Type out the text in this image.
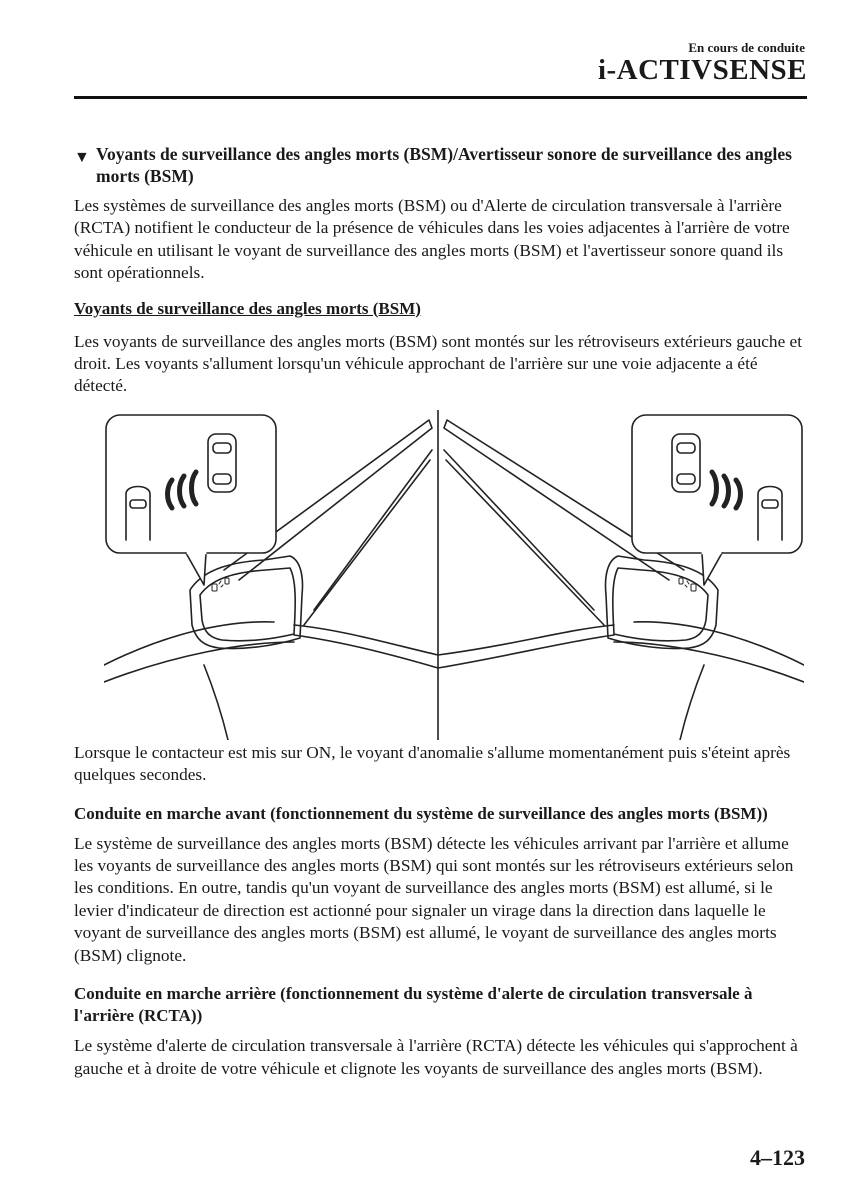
En cours de conduite
i-ACTIVSENSE
▼ Voyants de surveillance des angles morts (BSM)/Avertisseur sonore de surveillance des angles morts (BSM)

Les systèmes de surveillance des angles morts (BSM) ou d'Alerte de circulation transversale à l'arrière (RCTA) notifient le conducteur de la présence de véhicules dans les voies adjacentes à l'arrière de votre véhicule en utilisant le voyant de surveillance des angles morts (BSM) et l'avertisseur sonore quand ils sont opérationnels.

Voyants de surveillance des angles morts (BSM)

Les voyants de surveillance des angles morts (BSM) sont montés sur les rétroviseurs extérieurs gauche et droit. Les voyants s'allument lorsqu'un véhicule approchant de l'arrière sur une voie adjacente a été détecté.

Lorsque le contacteur est mis sur ON, le voyant d'anomalie s'allume momentanément puis s'éteint après quelques secondes.

Conduite en marche avant (fonctionnement du système de surveillance des angles morts (BSM))

Le système de surveillance des angles morts (BSM) détecte les véhicules arrivant par l'arrière et allume les voyants de surveillance des angles morts (BSM) qui sont montés sur les rétroviseurs extérieurs selon les conditions. En outre, tandis qu'un voyant de surveillance des angles morts (BSM) est allumé, si le levier d'indicateur de direction est actionné pour signaler un virage dans la direction dans laquelle le voyant de surveillance des angles morts (BSM) est allumé, le voyant de surveillance des angles morts (BSM) clignote.

Conduite en marche arrière (fonctionnement du système d'alerte de circulation transversale à l'arrière (RCTA))

Le système d'alerte de circulation transversale à l'arrière (RCTA) détecte les véhicules qui s'approchent à gauche et à droite de votre véhicule et clignote les voyants de surveillance des angles morts (BSM).

4–123
